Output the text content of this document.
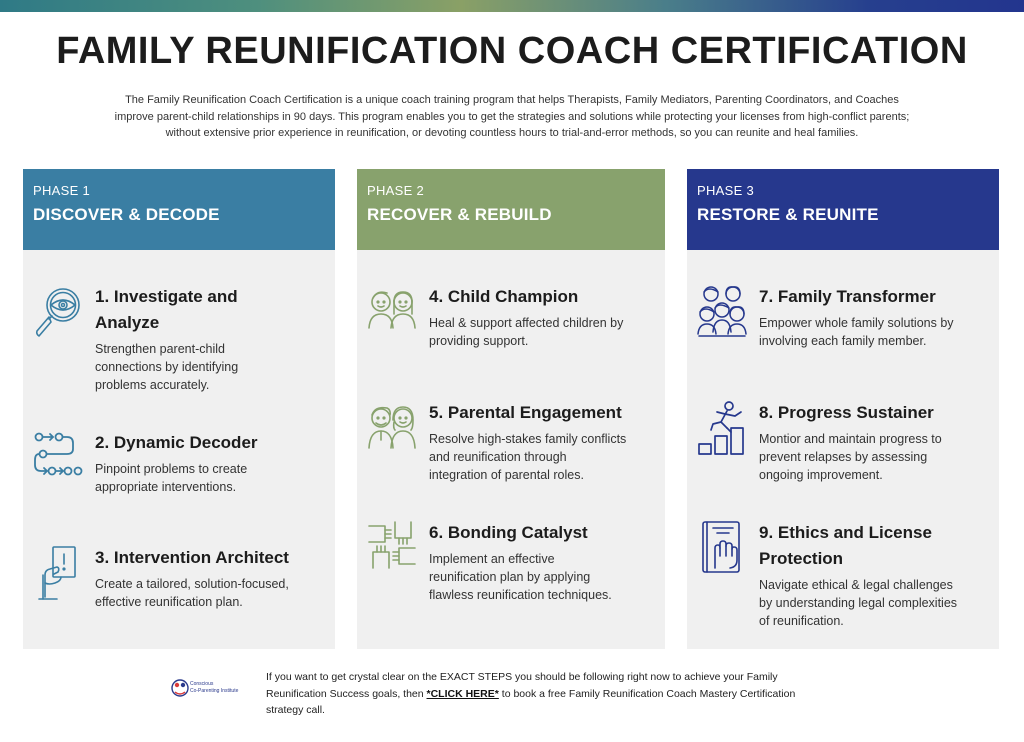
FAMILY REUNIFICATION COACH CERTIFICATION
The Family Reunification Coach Certification is a unique coach training program that helps Therapists, Family Mediators, Parenting Coordinators, and Coaches
improve parent-child relationships in 90 days. This program enables you to get the strategies and solutions while protecting your licenses from high-conflict parents;
without extensive prior experience in reunification, or devoting countless hours to trial-and-error methods, so you can reunite and heal families.
PHASE 1
DISCOVER & DECODE
1. Investigate and
Analyze
Strengthen parent-child
connections by identifying
problems accurately.
2. Dynamic Decoder
Pinpoint problems to create
appropriate interventions.
3. Intervention Architect
Create a tailored, solution-focused,
effective reunification plan.
PHASE 2
RECOVER & REBUILD
4. Child Champion
Heal & support affected children by
providing support.
5. Parental Engagement
Resolve high-stakes family conflicts
and reunification through
integration of parental roles.
6. Bonding Catalyst
Implement an effective
reunification plan by applying
flawless reunification techniques.
PHASE 3
RESTORE & REUNITE
7. Family Transformer
Empower whole family solutions by
involving each family member.
8. Progress Sustainer
Montior and maintain progress to
prevent relapses by assessing
ongoing improvement.
9. Ethics and License
Protection
Navigate ethical & legal challenges
by understanding legal complexities
of reunification.
Conscious
Co-Parenting Institute
If you want to get crystal clear on the EXACT STEPS you should be following right now to achieve your Family
Reunification Success goals, then *CLICK HERE* to book a free Family Reunification Coach Mastery Certification
strategy call.
